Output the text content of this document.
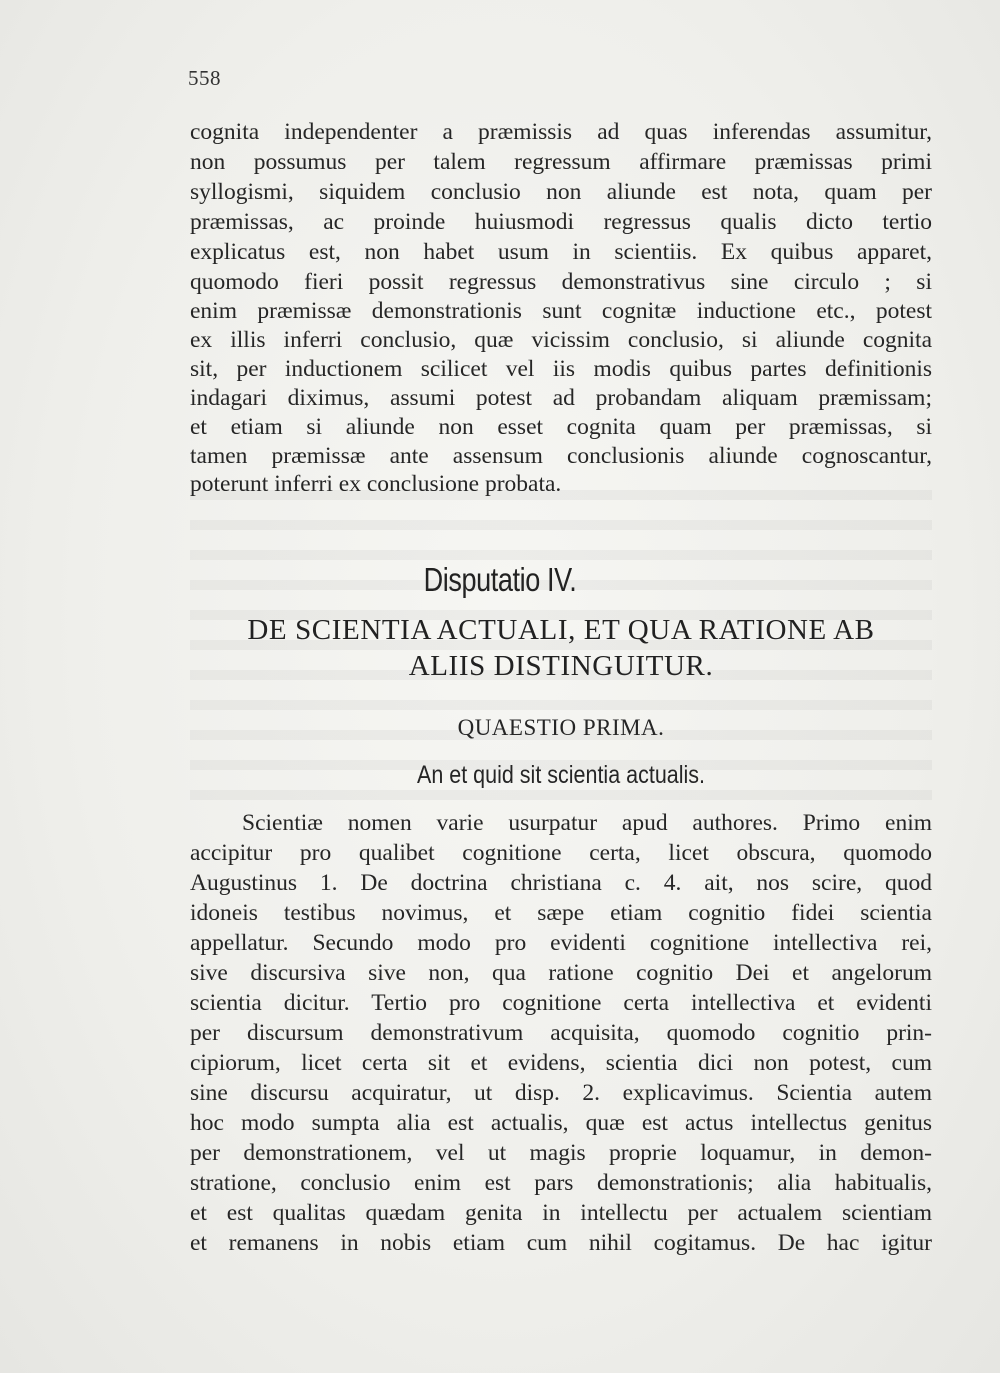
558
cognita independenter a præmissis ad quas inferendas assumitur,
non possumus per talem regressum affirmare præmissas primi
syllogismi, siquidem conclusio non aliunde est nota, quam per
præmissas, ac proinde huiusmodi regressus qualis dicto tertio
explicatus est, non habet usum in scientiis. Ex quibus apparet,
quomodo fieri possit regressus demonstrativus sine circulo ; si
enim præmissæ demonstrationis sunt cognitæ inductione etc., potest
ex illis inferri conclusio, quæ vicissim conclusio, si aliunde cognita
sit, per inductionem scilicet vel iis modis quibus partes definitionis
indagari diximus, assumi potest ad probandam aliquam præmissam;
et etiam si aliunde non esset cognita quam per præmissas, si
tamen præmissæ ante assensum conclusionis aliunde cognoscantur,
poterunt inferri ex conclusione probata.
Disputatio IV.
DE SCIENTIA ACTUALI, ET QUA RATIONE AB
ALIIS DISTINGUITUR.
QUAESTIO PRIMA.
An et quid sit scientia actualis.
Scientiæ nomen varie usurpatur apud authores. Primo enim
accipitur pro qualibet cognitione certa, licet obscura, quomodo
Augustinus 1. De doctrina christiana c. 4. ait, nos scire, quod
idoneis testibus novimus, et sæpe etiam cognitio fidei scientia
appellatur. Secundo modo pro evidenti cognitione intellectiva rei,
sive discursiva sive non, qua ratione cognitio Dei et angelorum
scientia dicitur. Tertio pro cognitione certa intellectiva et evidenti
per discursum demonstrativum acquisita, quomodo cognitio prin-
cipiorum, licet certa sit et evidens, scientia dici non potest, cum
sine discursu acquiratur, ut disp. 2. explicavimus. Scientia autem
hoc modo sumpta alia est actualis, quæ est actus intellectus genitus
per demonstrationem, vel ut magis proprie loquamur, in demon-
stratione, conclusio enim est pars demonstrationis; alia habitualis,
et est qualitas quædam genita in intellectu per actualem scientiam
et remanens in nobis etiam cum nihil cogitamus. De hac igitur
